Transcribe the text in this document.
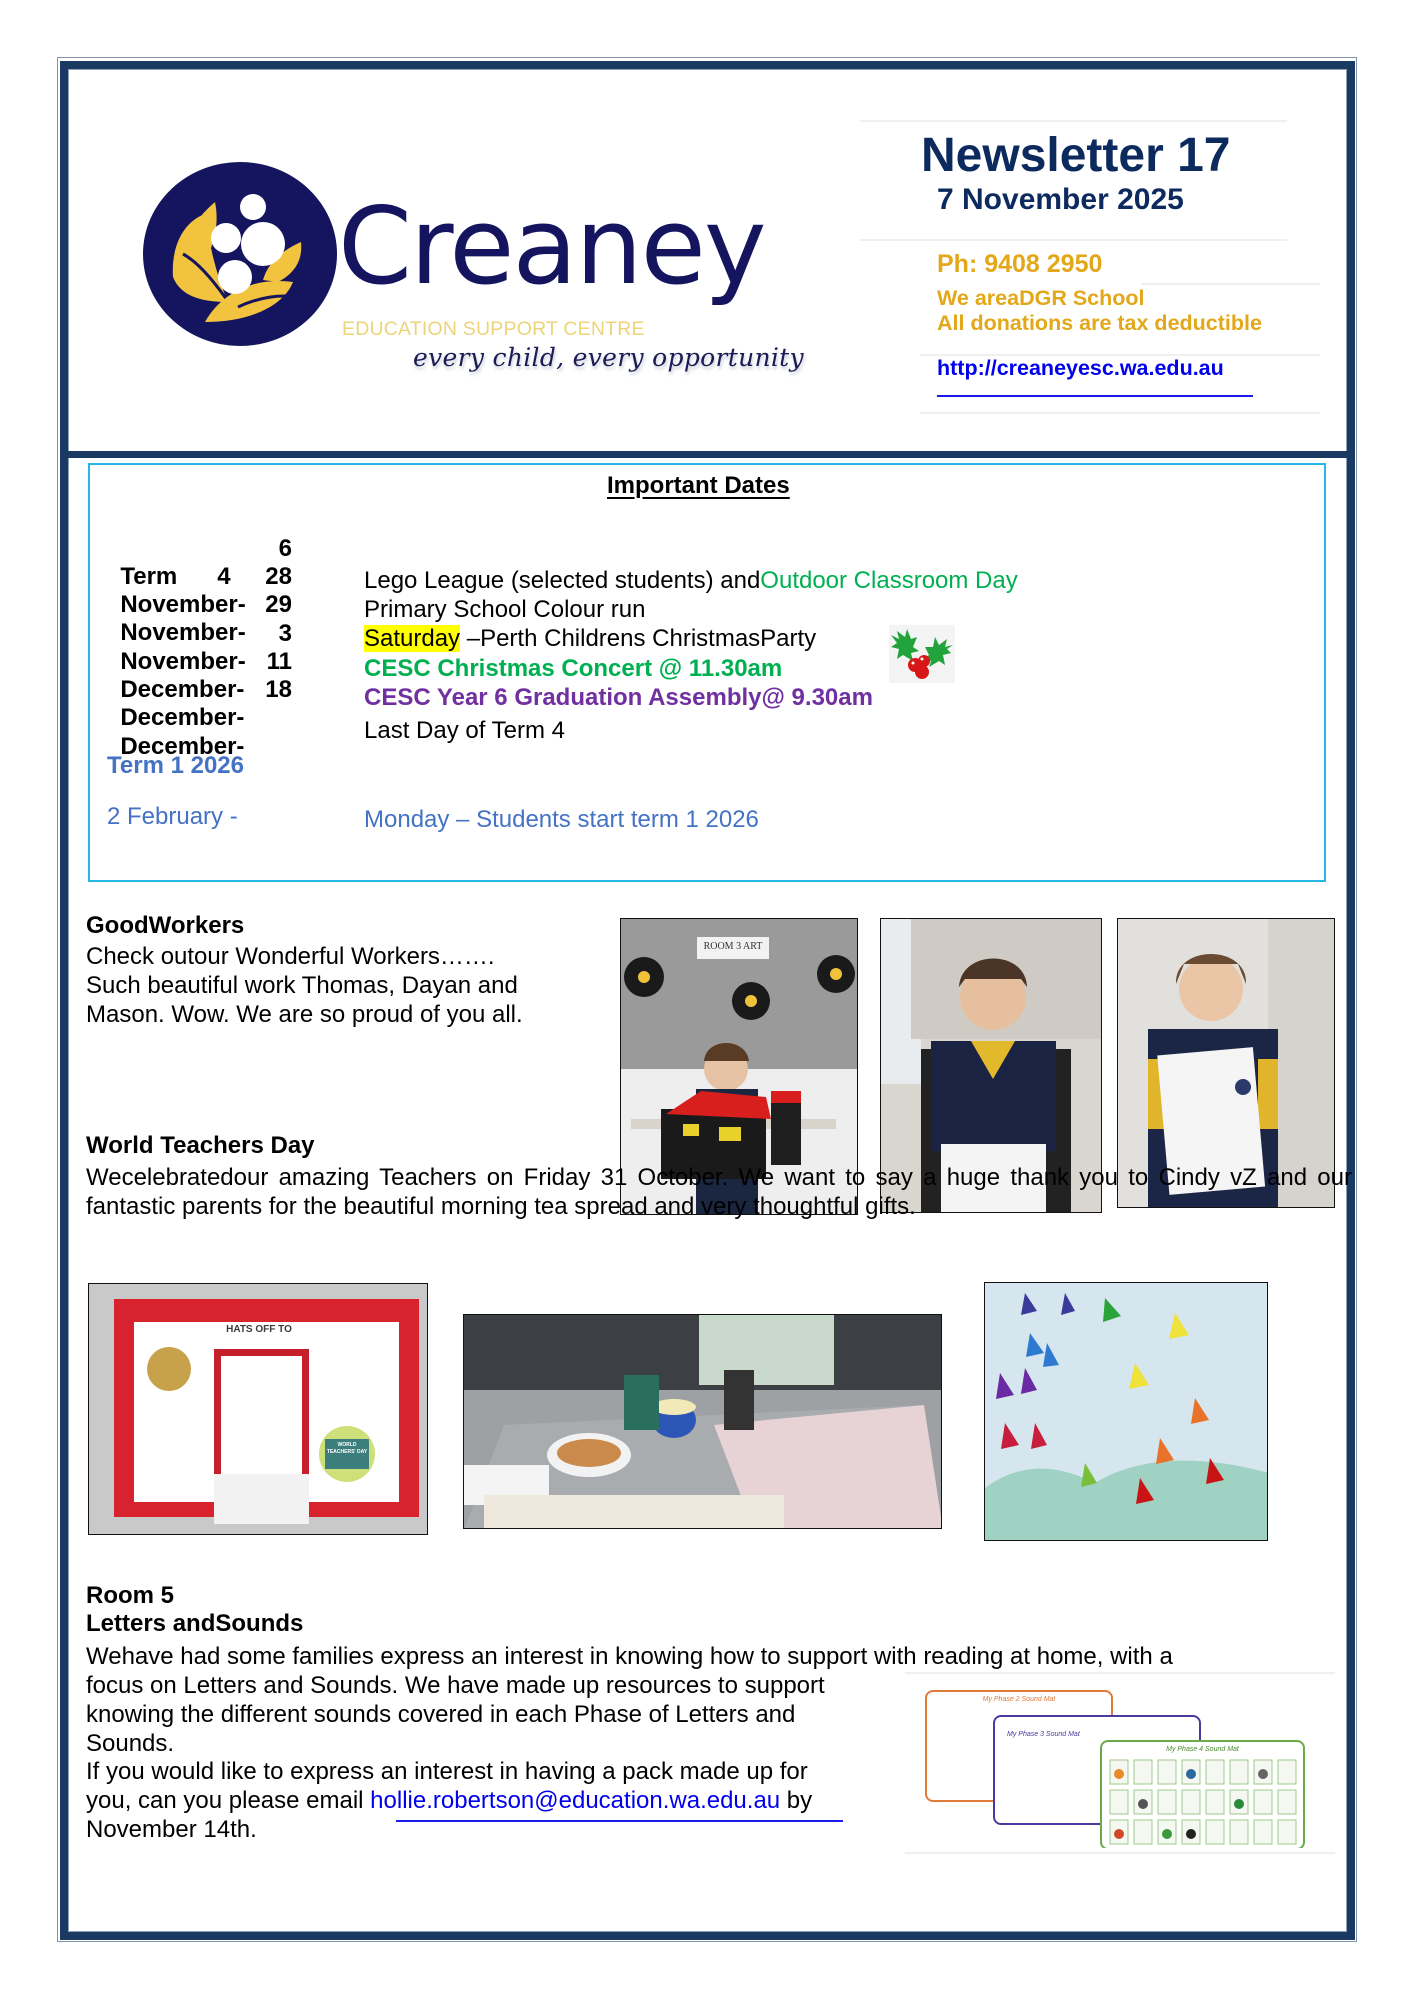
Creaney
EDUCATION SUPPORT CENTRE
every child, every opportunity
Newsletter 17
7 November 2025
Ph: 9408 2950
We areaDGR School
All donations are tax deductible
http://creaneyesc.wa.edu.au
Important Dates

Term      4

6

November-

28

November-

29

November-

3

December-

11

December-

18

December-

Term 1 2026
2 February -
Lego League (selected students) andOutdoor Classroom Day
Primary School Colour run
Saturday –Perth Childrens ChristmasParty
CESC Christmas Concert @ 11.30am
CESC Year 6 Graduation Assembly@ 9.30am
Last Day of Term 4
Monday – Students start term 1 2026
GoodWorkers
Check outour Wonderful Workers…….
Such beautiful work Thomas, Dayan and
Mason. Wow. We are so proud of you all.
ROOM 3 ART
World Teachers Day
Wecelebratedour amazing Teachers on Friday 31 October. We want to say a huge thank you to Cindy vZ and our fantastic parents for the beautiful morning tea spread and very thoughtful gifts.
HATS OFF TO
WORLD TEACHERS' DAY
Room 5
Letters andSounds
Wehave had some families express an interest in knowing how to support with reading at home, with a
focus on Letters and Sounds. We have made up resources to support
knowing the different sounds covered in each Phase of Letters and
Sounds.
If you would like to express an interest in having a pack made up for
you, can you please email hollie.robertson@education.wa.edu.au by
November 14th.
My Phase 2 Sound Mat
My Phase 3 Sound Mat
My Phase 4 Sound Mat
